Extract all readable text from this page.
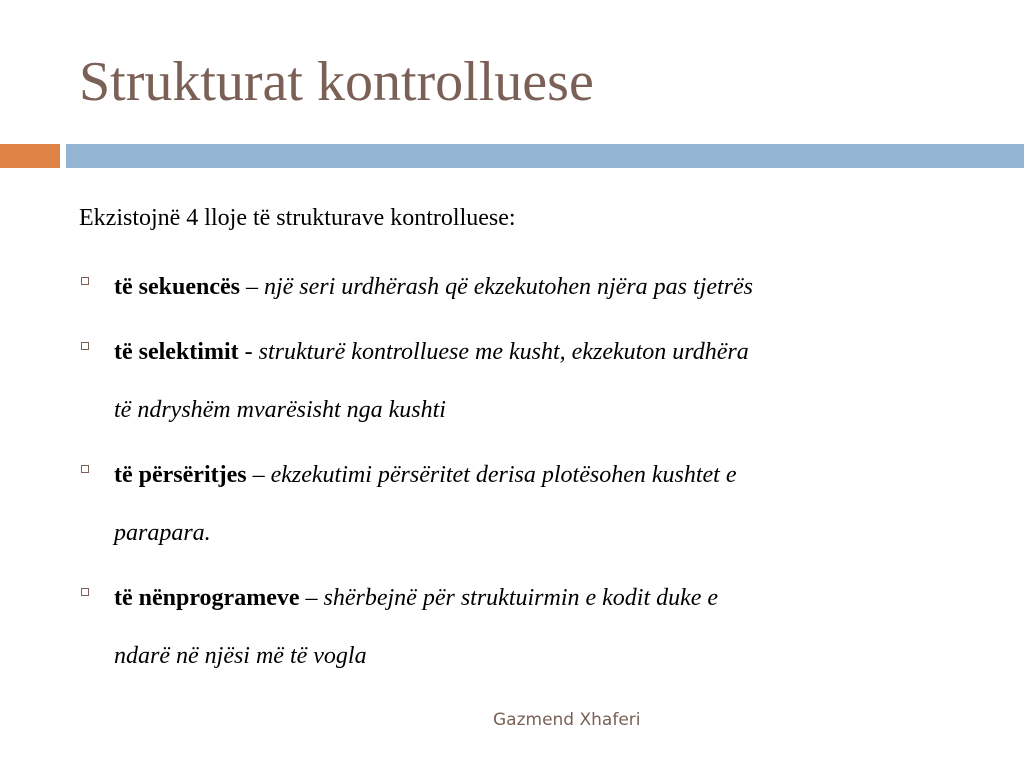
Strukturat kontrolluese

Ekzistojnë 4 lloje të strukturave kontrolluese:

të sekuencës – një seri urdhërash që ekzekutohen njëra pas tjetrës
të selektimit - strukturë kontrolluese me kusht, ekzekuton urdhëra
të ndryshëm mvarësisht nga kushti
të përsëritjes – ekzekutimi përsëritet derisa plotësohen kushtet e
parapara.
të nënprogrameve – shërbejnë për struktuirmin e kodit duke e
ndarë në njësi më të vogla
Gazmend Xhaferi
